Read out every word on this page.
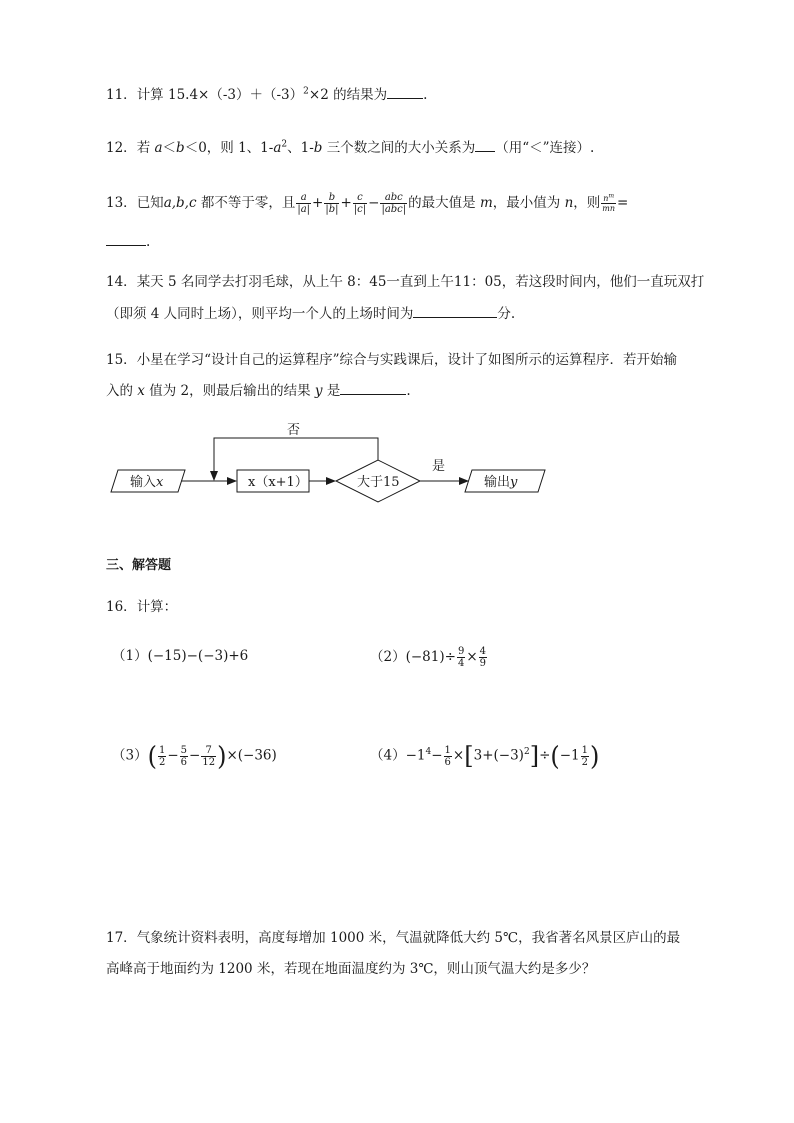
11．计算 $15.4\times(-3)+(-3)^2\times 2$ 的结果为	.
12．若 a＜b＜0，则 1、$1-a^2$、1-b 三个数之间的大小关系为 （用“＜”连接）.
13．已知a,b,c 都不等于零，且 $\frac{a}{|a|} + \frac{b}{|b|} + \frac{c}{|c|} - \frac{\text{abc}}{\text{|abc|}}$ 的最大值是 m，最小值为 n，则 $\frac{n^m}{mn}$ =
.
14．某天 5 名同学去打羽毛球，从上午 8：45一直到上午11：05，若这段时间内，他们一直玩双打
（即须 4 人同时上场），则平均一个人的上场时间为	分.
15．小星在学习“设计自己的运算程序”综合与实践课后，设计了如图所示的运算程序．若开始输
入的 x 值为 2，则最后输出的结果 y 是	.
输入x	x（x+1）	大于15
否
是
输出y
三、解答题
16．计算：
（1）(−15)−(−3)+6	$(2)(-81)\div \frac{9}{4} \times \frac{4}{9}$
$(3)( \frac{1}{2} - \frac{5}{6} - \frac{7}{12} )\times(-36)$	$(4)-1^4- \frac{1}{6} \times[3+(-3)^2]\div(-1 \frac{1}{2}$ )
17．气象统计资料表明，高度每增加 1000 米，气温就降低大约 5℃，我省著名风景区庐山的最
高峰高于地面约为 1200 米，若现在地面温度约为 3℃，则山顶气温大约是多少？
